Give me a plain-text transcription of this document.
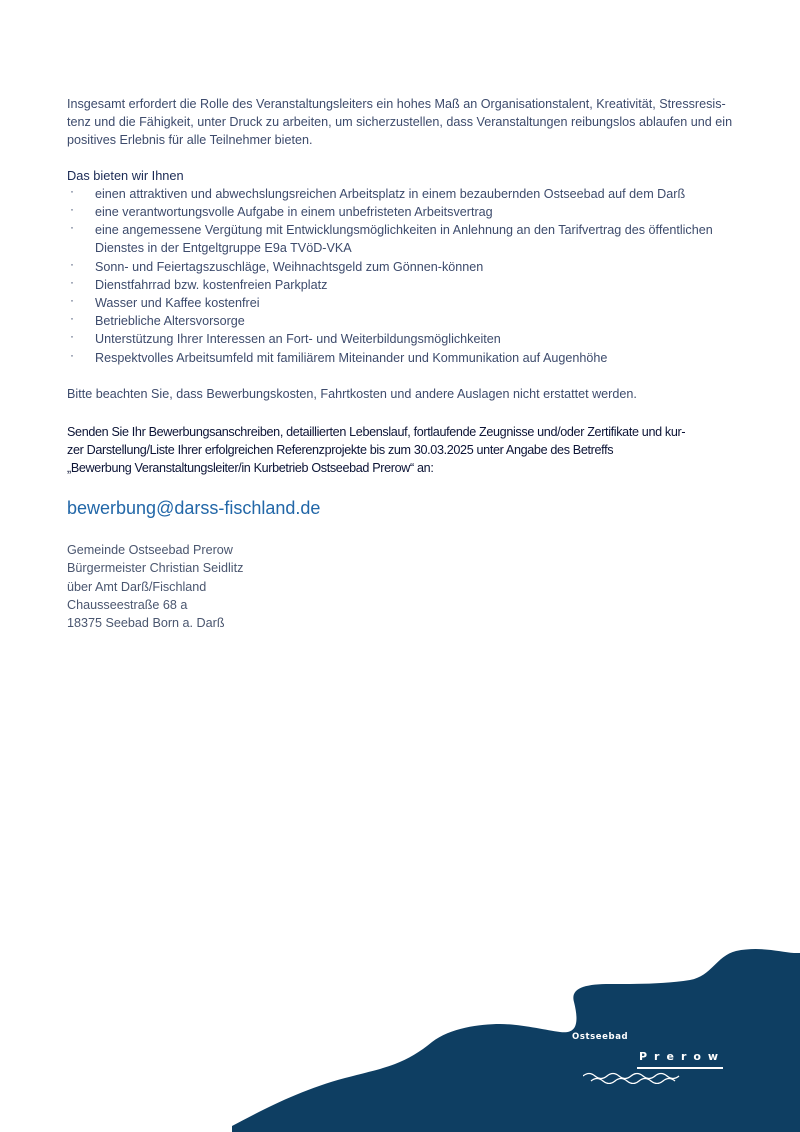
Insgesamt erfordert die Rolle des Veranstaltungsleiters ein hohes Maß an Organisationstalent, Kreativität, Stressresis-
tenz und die Fähigkeit, unter Druck zu arbeiten, um sicherzustellen, dass Veranstaltungen reibungslos ablaufen und ein
positives Erlebnis für alle Teilnehmer bieten.

Das bieten wir Ihnen

· einen attraktiven und abwechslungsreichen Arbeitsplatz in einem bezaubernden Ostseebad auf dem Darß
· eine verantwortungsvolle Aufgabe in einem unbefristeten Arbeitsvertrag
· eine angemessene Vergütung mit Entwicklungsmöglichkeiten in Anlehnung an den Tarifvertrag des öffentlichen
Dienstes in der Entgeltgruppe E9a TVöD-VKA
· Sonn- und Feiertagszuschläge, Weihnachtsgeld zum Gönnen-können
· Dienstfahrrad bzw. kostenfreien Parkplatz
· Wasser und Kaffee kostenfrei
· Betriebliche Altersvorsorge
· Unterstützung Ihrer Interessen an Fort- und Weiterbildungsmöglichkeiten
· Respektvolles Arbeitsumfeld mit familiärem Miteinander und Kommunikation auf Augenhöhe

Bitte beachten Sie, dass Bewerbungskosten, Fahrtkosten und andere Auslagen nicht erstattet werden.

Senden Sie Ihr Bewerbungsanschreiben, detaillierten Lebenslauf, fortlaufende Zeugnisse und/oder Zertifikate und kur-
zer Darstellung/Liste Ihrer erfolgreichen Referenzprojekte bis zum 30.03.2025 unter Angabe des Betreffs
„Bewerbung Veranstaltungsleiter/in Kurbetrieb Ostseebad Prerow“ an:

bewerbung@darss-fischland.de

Gemeinde Ostseebad Prerow
Bürgermeister Christian Seidlitz
über Amt Darß/Fischland
Chausseestraße 68 a
18375 Seebad Born a. Darß
Ostseebad
Prerow
